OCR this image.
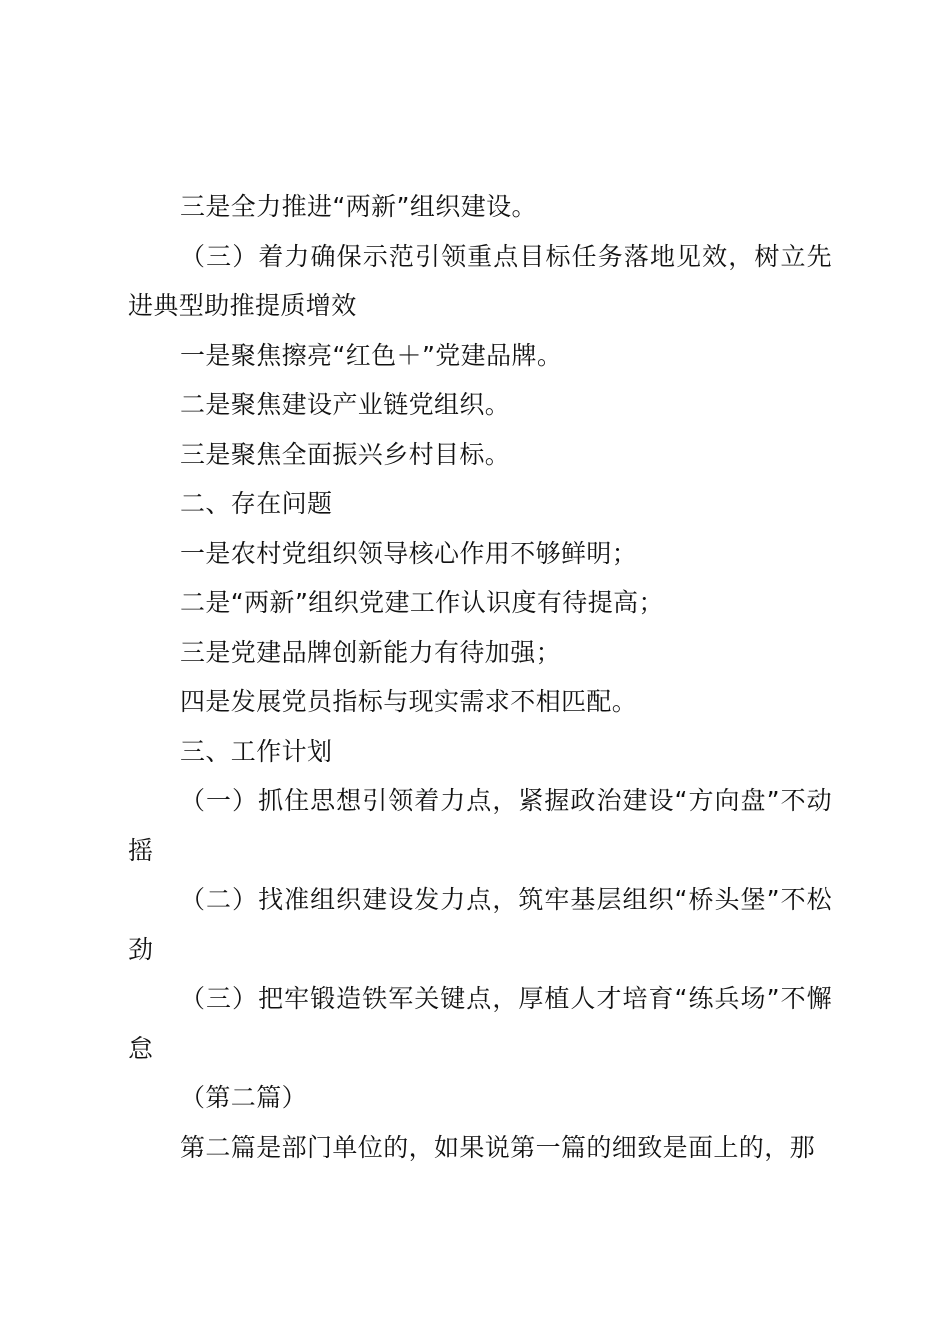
三是全力推进“两新”组织建设。

（三）着力确保示范引领重点目标任务落地见效，树立先进典型助推提质增效

一是聚焦擦亮“红色＋”党建品牌。

二是聚焦建设产业链党组织。

三是聚焦全面振兴乡村目标。

二、存在问题

一是农村党组织领导核心作用不够鲜明；

二是“两新”组织党建工作认识度有待提高；

三是党建品牌创新能力有待加强；

四是发展党员指标与现实需求不相匹配。

三、工作计划

（一）抓住思想引领着力点，紧握政治建设“方向盘”不动摇

（二）找准组织建设发力点，筑牢基层组织“桥头堡”不松劲

（三）把牢锻造铁军关键点，厚植人才培育“练兵场”不懈怠

（第二篇）

第二篇是部门单位的，如果说第一篇的细致是面上的，那
